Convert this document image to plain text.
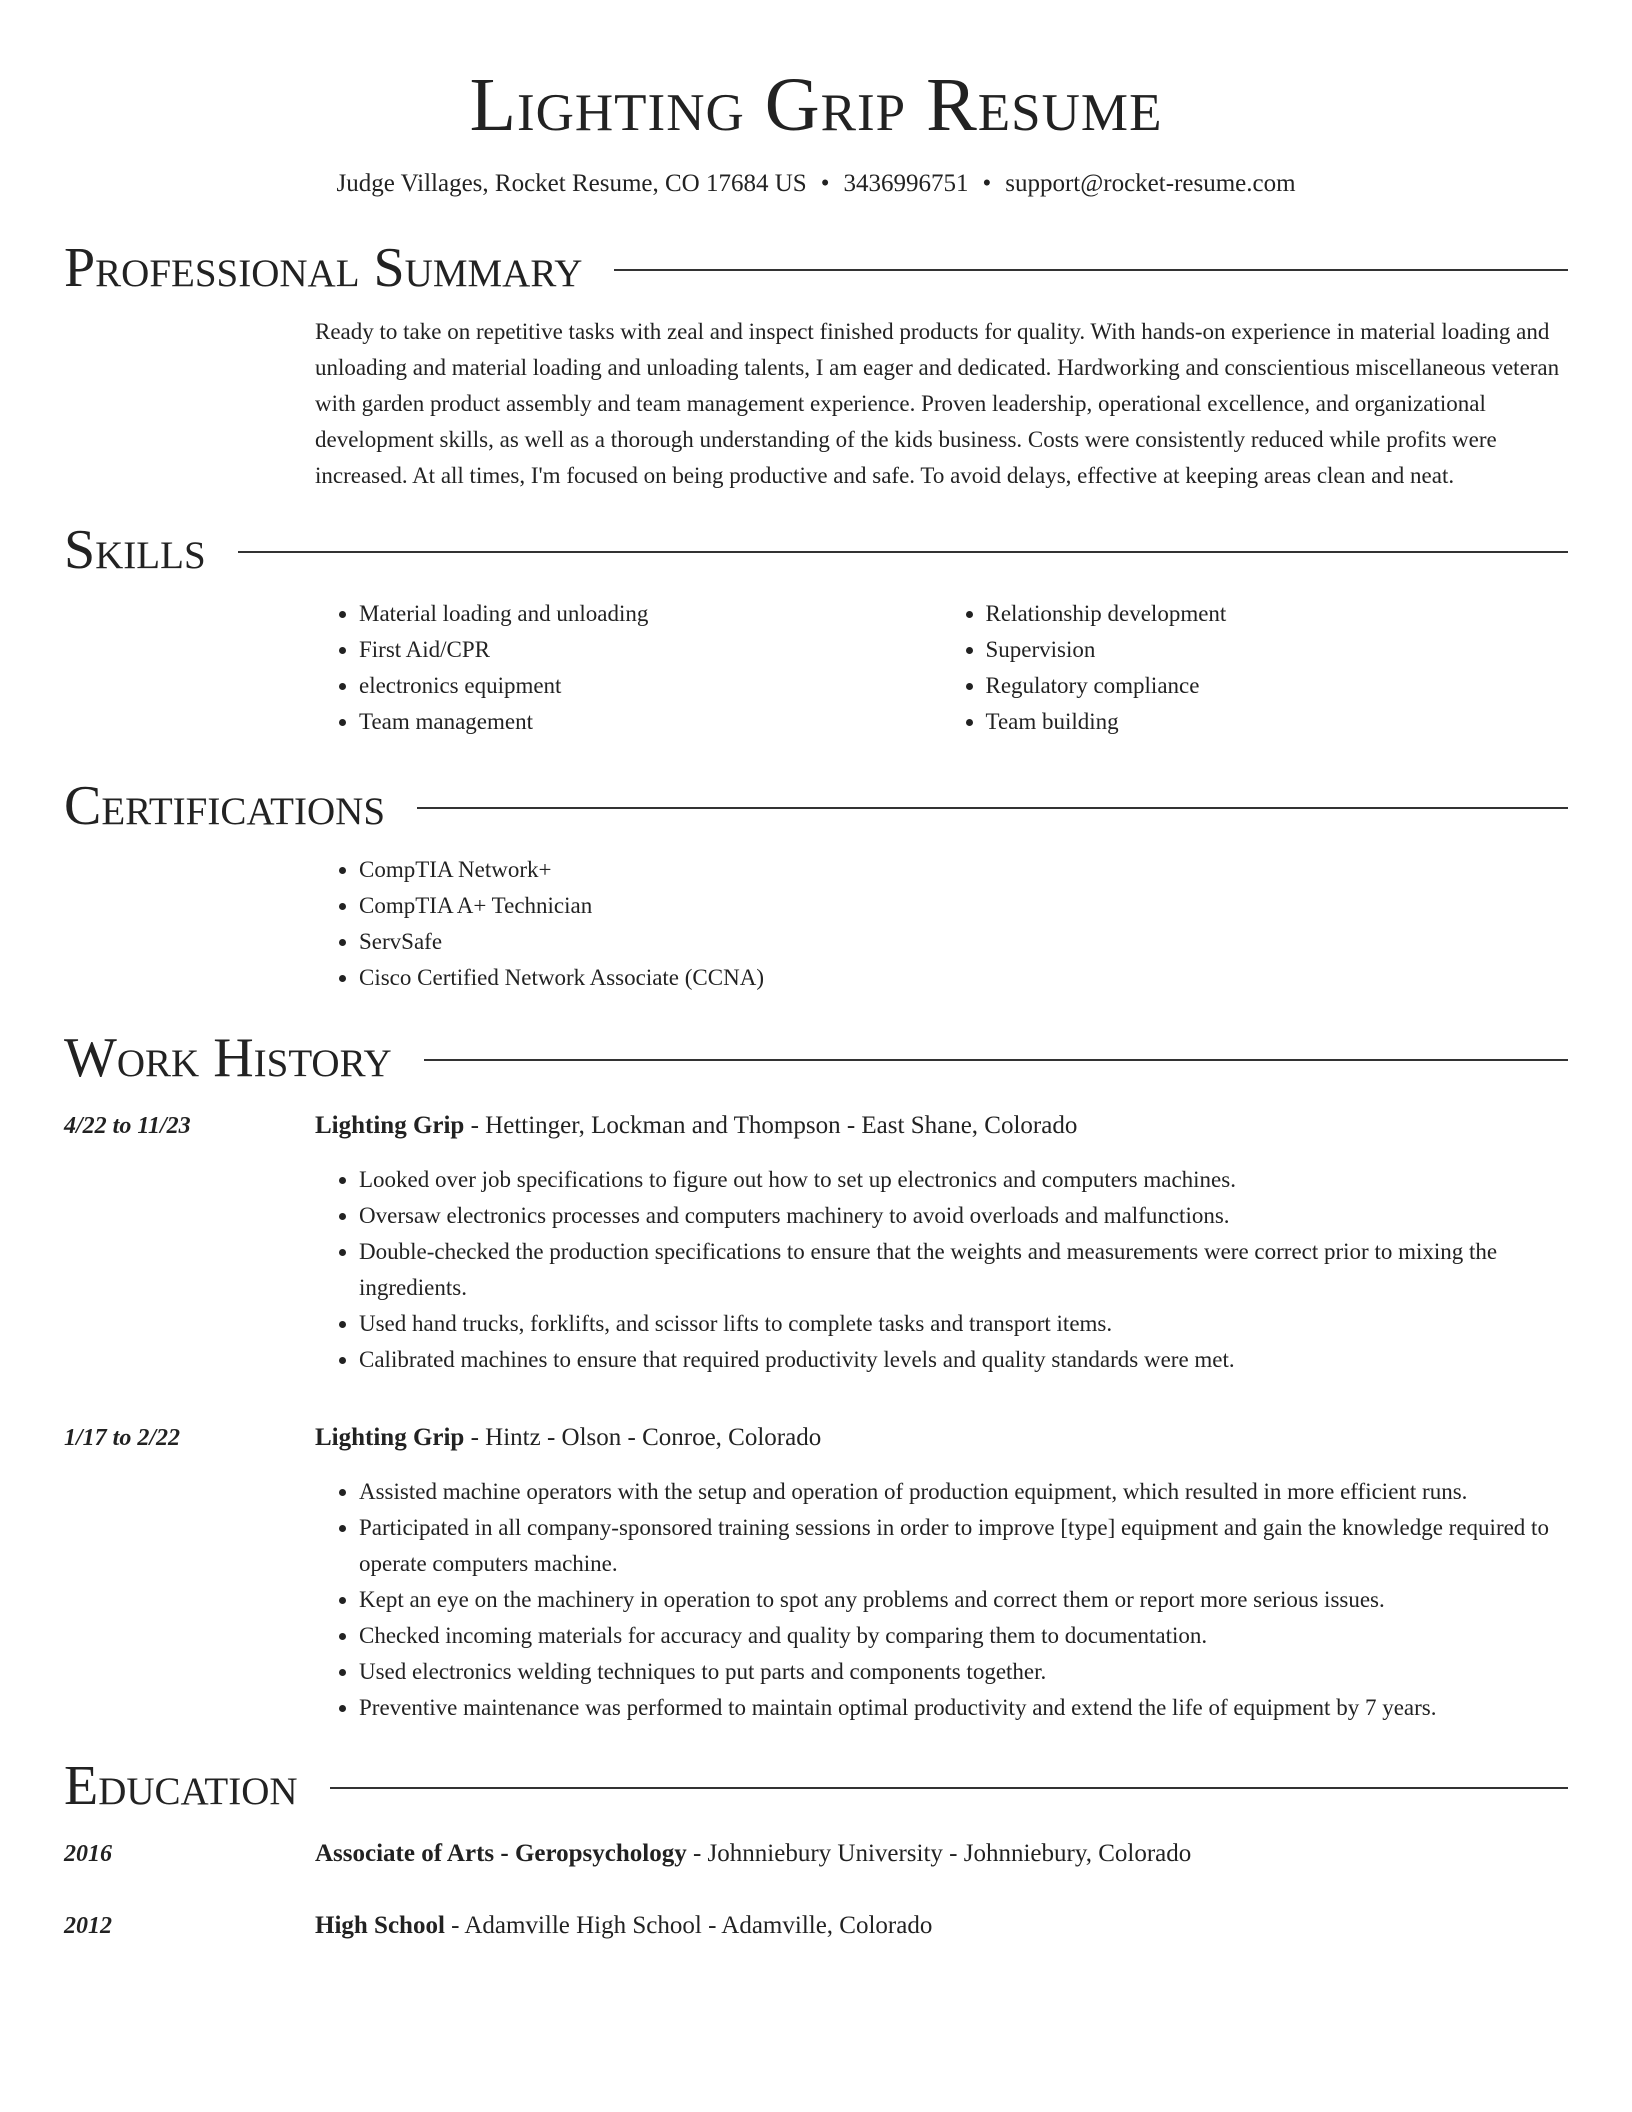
Lighting Grip Resume
Judge Villages, Rocket Resume, CO 17684 US • 3436996751 • support@rocket-resume.com
Professional Summary

Ready to take on repetitive tasks with zeal and inspect finished products for quality. With hands-on experience in material loading and unloading and material loading and unloading talents, I am eager and dedicated. Hardworking and conscientious miscellaneous veteran with garden product assembly and team management experience. Proven leadership, operational excellence, and organizational development skills, as well as a thorough understanding of the kids business. Costs were consistently reduced while profits were increased. At all times, I'm focused on being productive and safe. To avoid delays, effective at keeping areas clean and neat.

Skills
• Material loading and unloading
• First Aid/CPR
• electronics equipment
• Team management
• Relationship development
• Supervision
• Regulatory compliance
• Team building
Certifications
• CompTIA Network+
• CompTIA A+ Technician
• ServSafe
• Cisco Certified Network Associate (CCNA)
Work History
4/22 to 11/23	Lighting Grip - Hettinger, Lockman and Thompson - East Shane, Colorado
• Looked over job specifications to figure out how to set up electronics and computers machines.
• Oversaw electronics processes and computers machinery to avoid overloads and malfunctions.
• Double-checked the production specifications to ensure that the weights and measurements were correct prior to mixing the ingredients.
• Used hand trucks, forklifts, and scissor lifts to complete tasks and transport items.
• Calibrated machines to ensure that required productivity levels and quality standards were met.
1/17 to 2/22	Lighting Grip - Hintz - Olson - Conroe, Colorado
• Assisted machine operators with the setup and operation of production equipment, which resulted in more efficient runs.
• Participated in all company-sponsored training sessions in order to improve [type] equipment and gain the knowledge required to operate computers machine.
• Kept an eye on the machinery in operation to spot any problems and correct them or report more serious issues.
• Checked incoming materials for accuracy and quality by comparing them to documentation.
• Used electronics welding techniques to put parts and components together.
• Preventive maintenance was performed to maintain optimal productivity and extend the life of equipment by 7 years.
Education
2016	Associate of Arts - Geropsychology - Johnniebury University - Johnniebury, Colorado
2012	High School - Adamville High School - Adamville, Colorado
